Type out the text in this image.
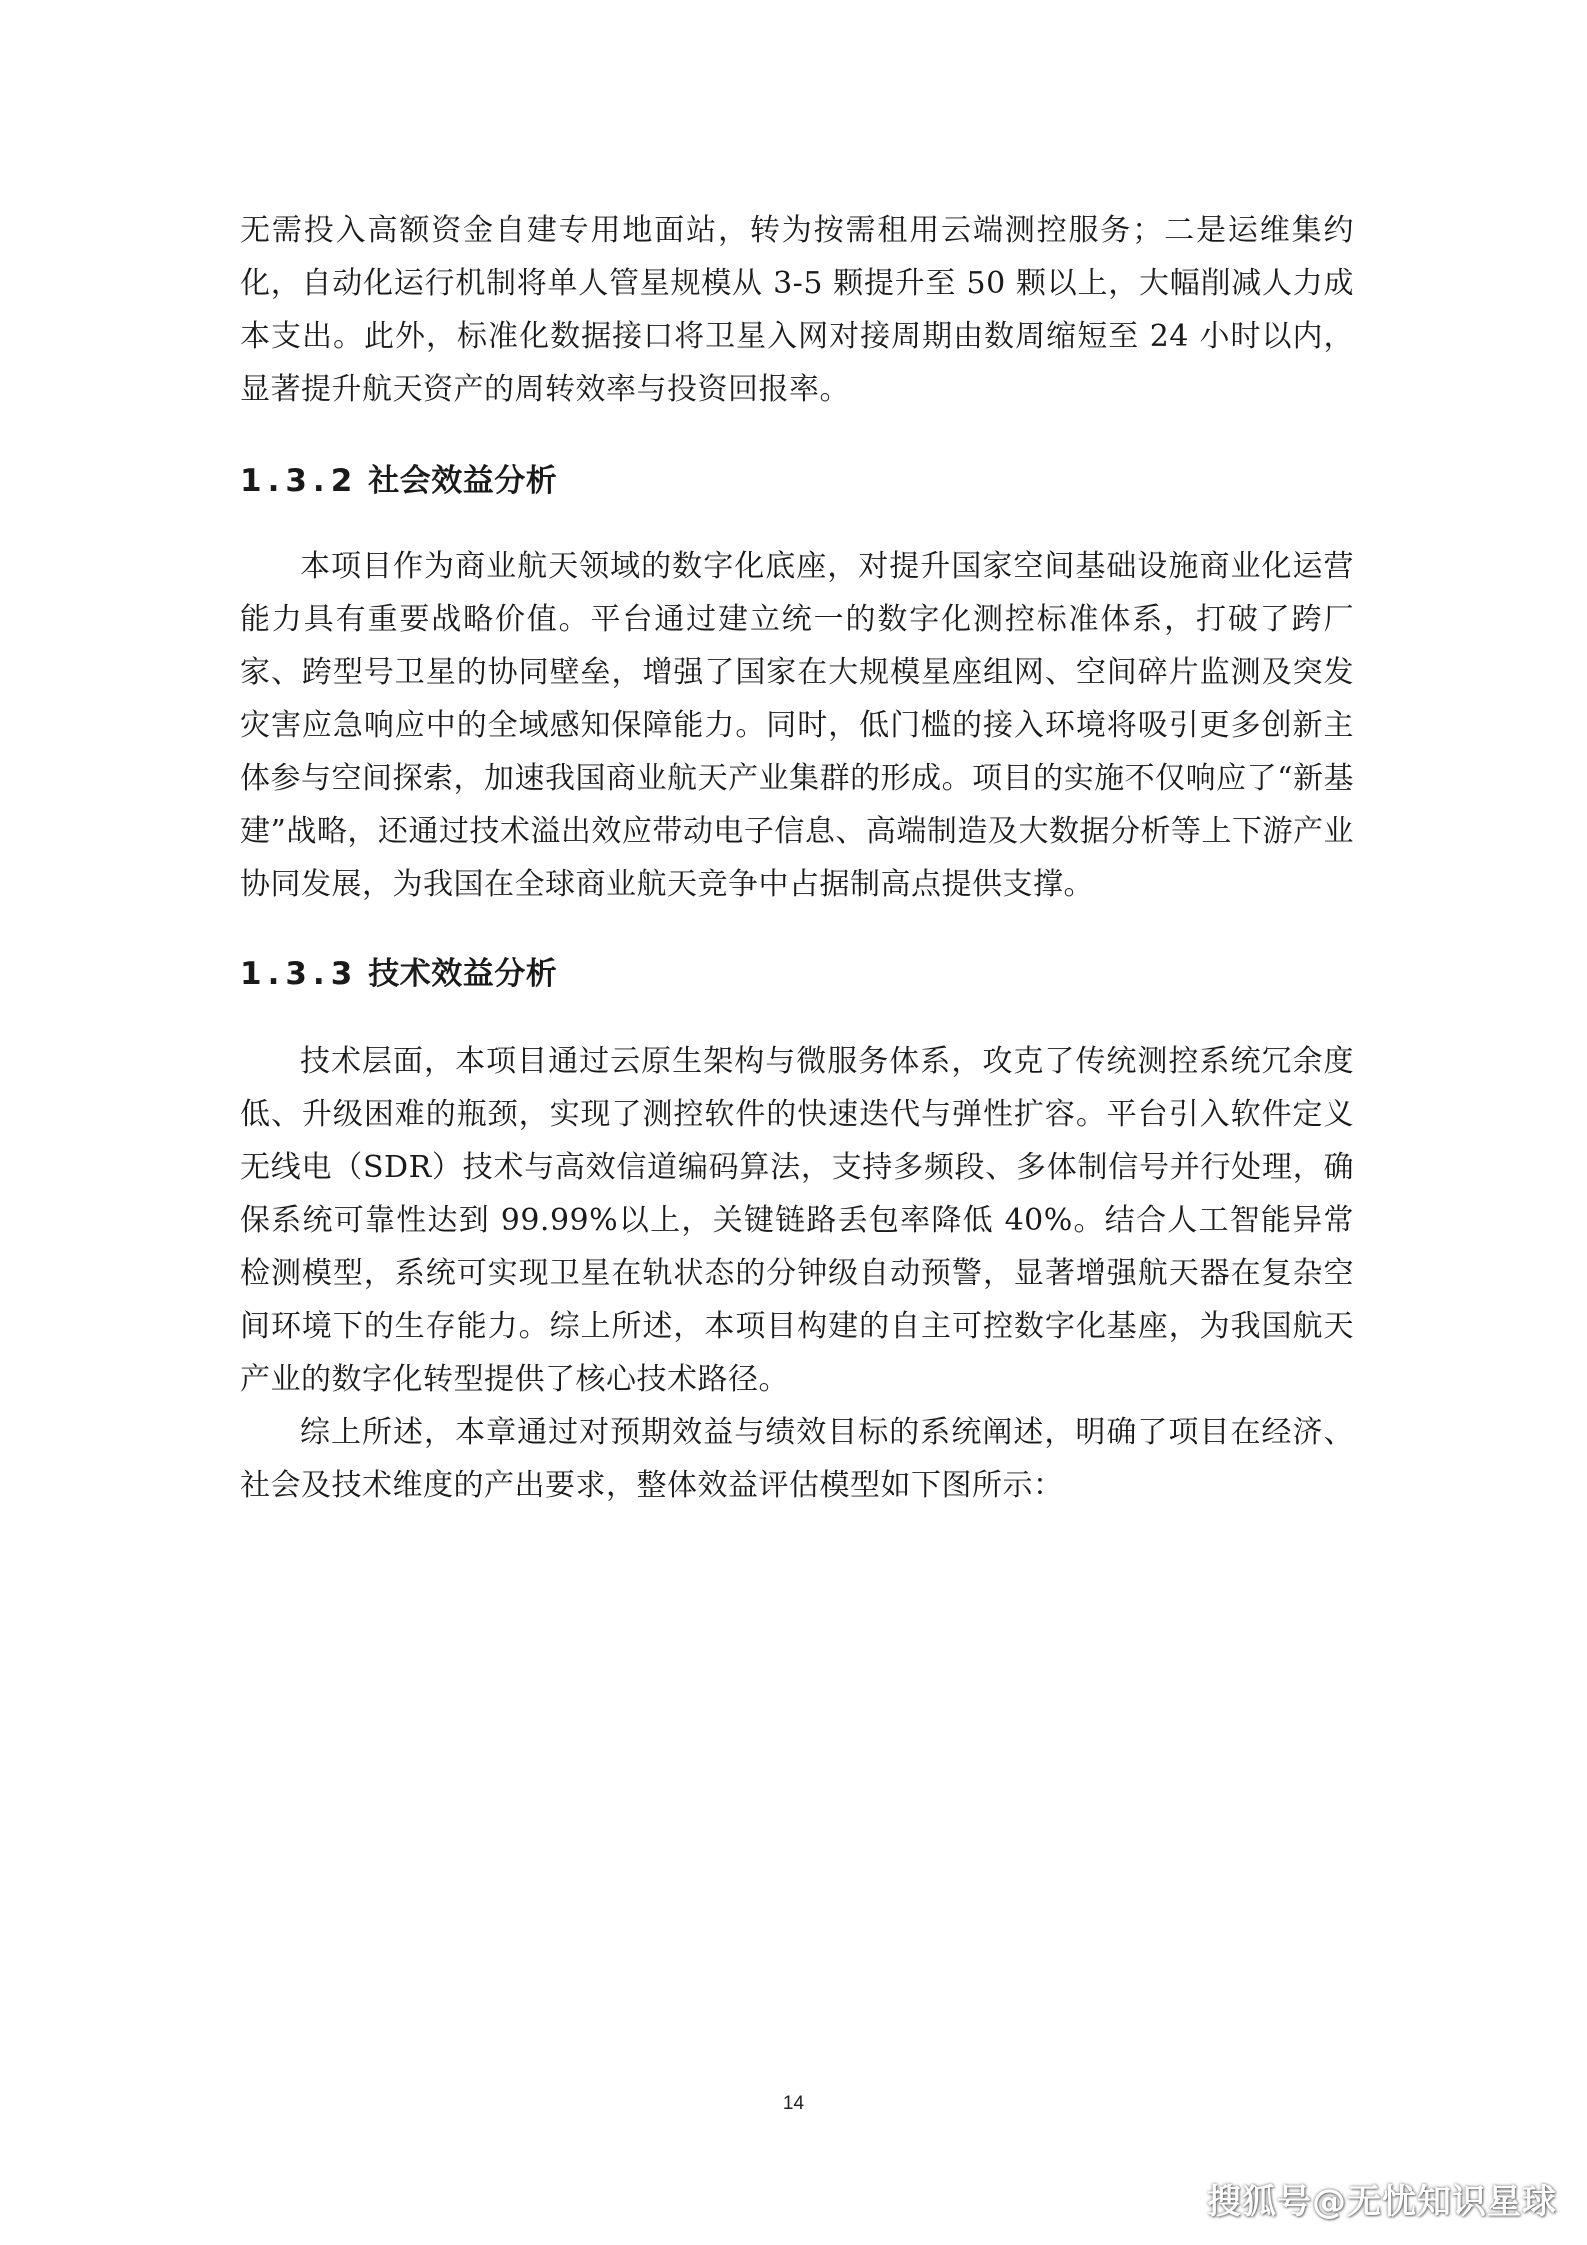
无需投入高额资金自建专用地面站，转为按需租用云端测控服务；二是运维集约化，自动化运行机制将单人管星规模从 3-5 颗提升至 50 颗以上，大幅削减人力成本支出。此外，标准化数据接口将卫星入网对接周期由数周缩短至 24 小时以内，显著提升航天资产的周转效率与投资回报率。

1.3.2 社会效益分析

本项目作为商业航天领域的数字化底座，对提升国家空间基础设施商业化运营能力具有重要战略价值。平台通过建立统一的数字化测控标准体系，打破了跨厂家、跨型号卫星的协同壁垒，增强了国家在大规模星座组网、空间碎片监测及突发灾害应急响应中的全域感知保障能力。同时，低门槛的接入环境将吸引更多创新主体参与空间探索，加速我国商业航天产业集群的形成。项目的实施不仅响应了“新基建”战略，还通过技术溢出效应带动电子信息、高端制造及大数据分析等上下游产业协同发展，为我国在全球商业航天竞争中占据制高点提供支撑。

1.3.3 技术效益分析

技术层面，本项目通过云原生架构与微服务体系，攻克了传统测控系统冗余度低、升级困难的瓶颈，实现了测控软件的快速迭代与弹性扩容。平台引入软件定义无线电（SDR）技术与高效信道编码算法，支持多频段、多体制信号并行处理，确保系统可靠性达到 99.99%以上，关键链路丢包率降低 40%。结合人工智能异常检测模型，系统可实现卫星在轨状态的分钟级自动预警，显著增强航天器在复杂空间环境下的生存能力。综上所述，本项目构建的自主可控数字化基座，为我国航天产业的数字化转型提供了核心技术路径。

综上所述，本章通过对预期效益与绩效目标的系统阐述，明确了项目在经济、社会及技术维度的产出要求，整体效益评估模型如下图所示：

14
搜狐号@无忧知识星球
